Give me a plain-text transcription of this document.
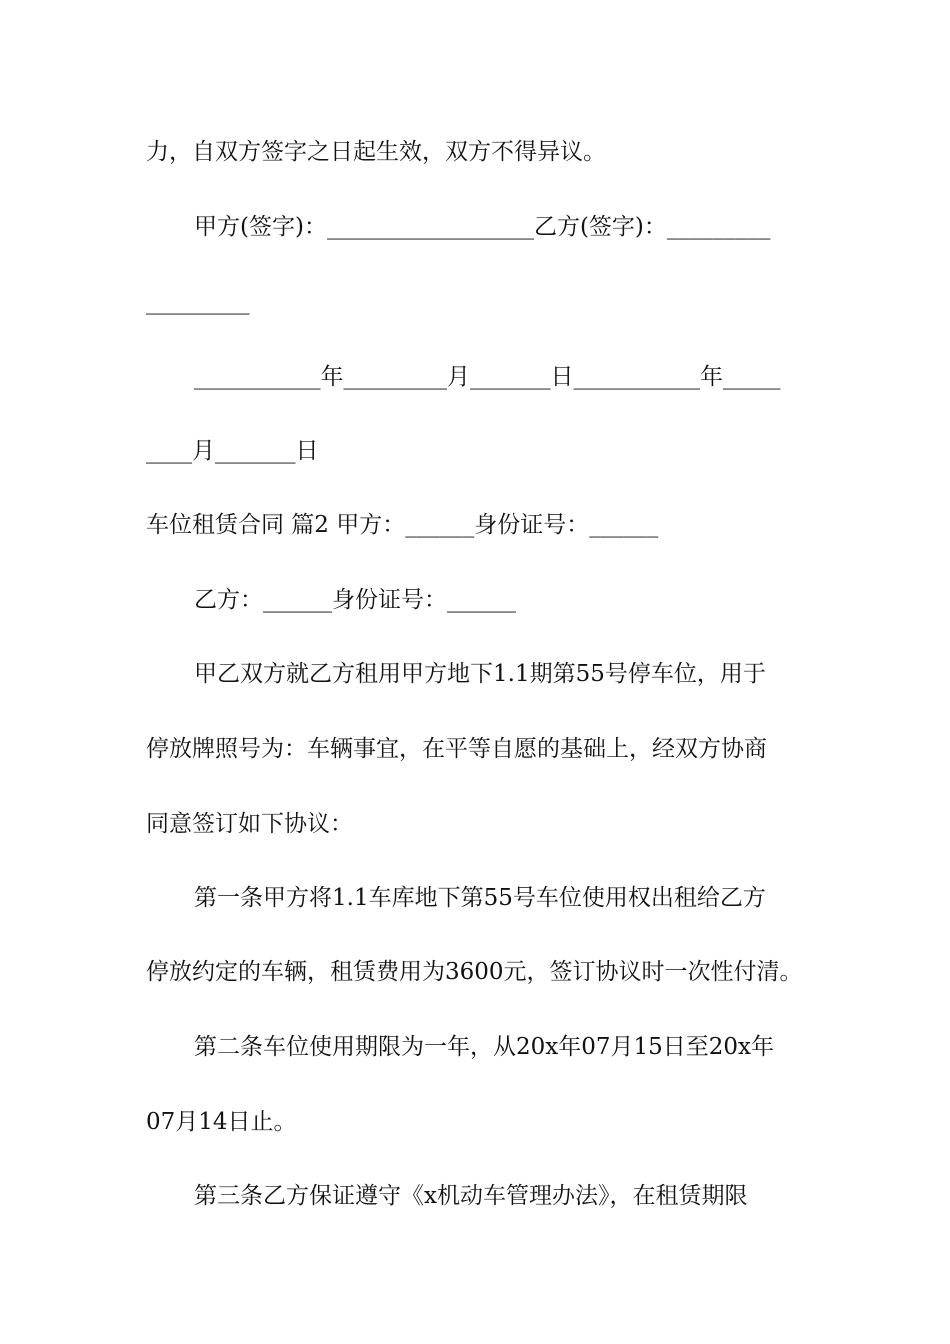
力，自双方签字之日起生效，双方不得异议。
甲方(签字)：__________________乙方(签字)：_________
_________
___________年_________月_______日___________年_____
____月_______日
车位租赁合同 篇2 甲方：______身份证号：______
乙方：______身份证号：______
甲乙双方就乙方租用甲方地下1.1期第55号停车位，用于
停放牌照号为：车辆事宜，在平等自愿的基础上，经双方协商
同意签订如下协议：
第一条甲方将1.1车库地下第55号车位使用权出租给乙方
停放约定的车辆，租赁费用为3600元，签订协议时一次性付清。
第二条车位使用期限为一年，从20x年07月15日至20x年
07月14日止。
第三条乙方保证遵守《x机动车管理办法》，在租赁期限
